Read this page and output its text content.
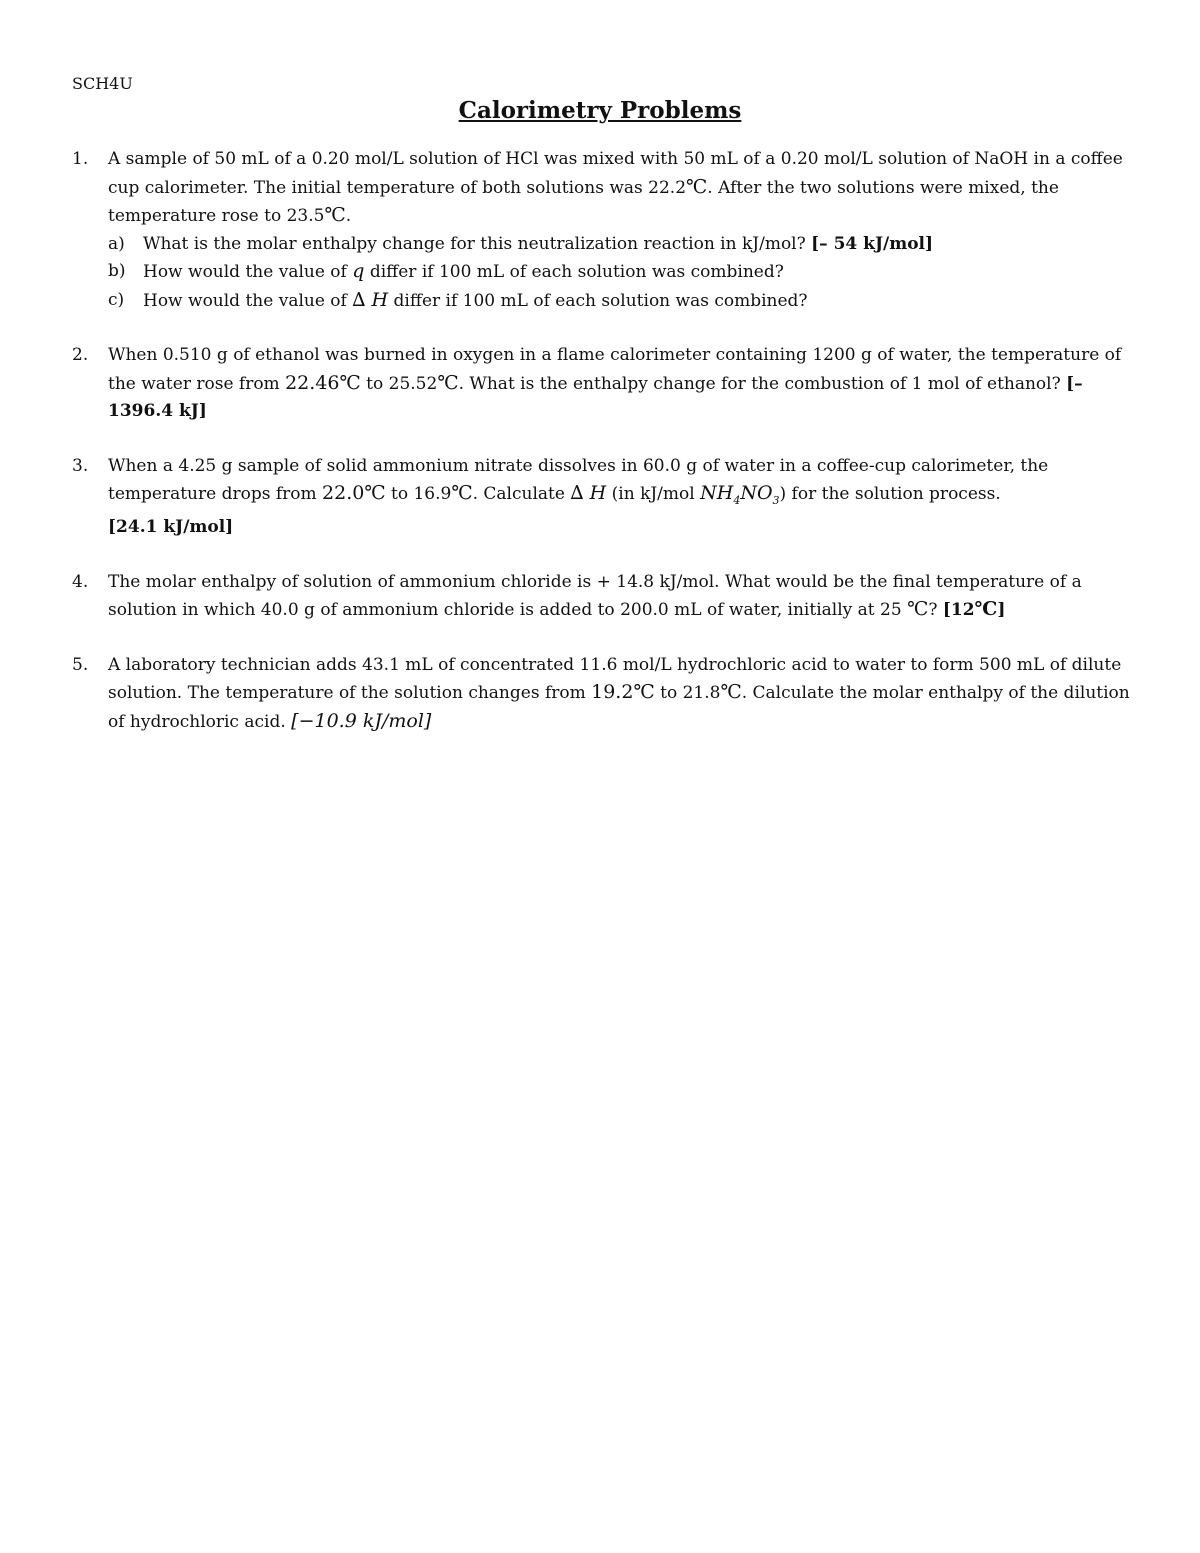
SCH4U
Calorimetry Problems
1. A sample of 50 mL of a 0.20 mol/L solution of HCl was mixed with 50 mL of a 0.20 mol/L solution of NaOH in a coffee cup calorimeter. The initial temperature of both solutions was 22.2℃. After the two solutions were mixed, the temperature rose to 23.5℃.
a) What is the molar enthalpy change for this neutralization reaction in kJ/mol? [– 54 kJ/mol]
b) How would the value of q differ if 100 mL of each solution was combined?
c) How would the value of ∆ H differ if 100 mL of each solution was combined?
2. When 0.510 g of ethanol was burned in oxygen in a flame calorimeter containing 1200 g of water, the temperature of the water rose from 22.46℃ to 25.52℃. What is the enthalpy change for the combustion of 1 mol of ethanol? [– 1396.4 kJ]
3. When a 4.25 g sample of solid ammonium nitrate dissolves in 60.0 g of water in a coffee-cup calorimeter, the temperature drops from 22.0℃ to 16.9℃. Calculate ∆ H (in kJ/mol $NH_4NO_3$) for the solution process.
[24.1 kJ/mol]
4. The molar enthalpy of solution of ammonium chloride is + 14.8 kJ/mol. What would be the final temperature of a solution in which 40.0 g of ammonium chloride is added to 200.0 mL of water, initially at 25 ℃? [12℃]
5. A laboratory technician adds 43.1 mL of concentrated 11.6 mol/L hydrochloric acid to water to form 500 mL of dilute solution. The temperature of the solution changes from 19.2℃ to 21.8℃. Calculate the molar enthalpy of the dilution of hydrochloric acid. [−10.9 kJ/mol]
